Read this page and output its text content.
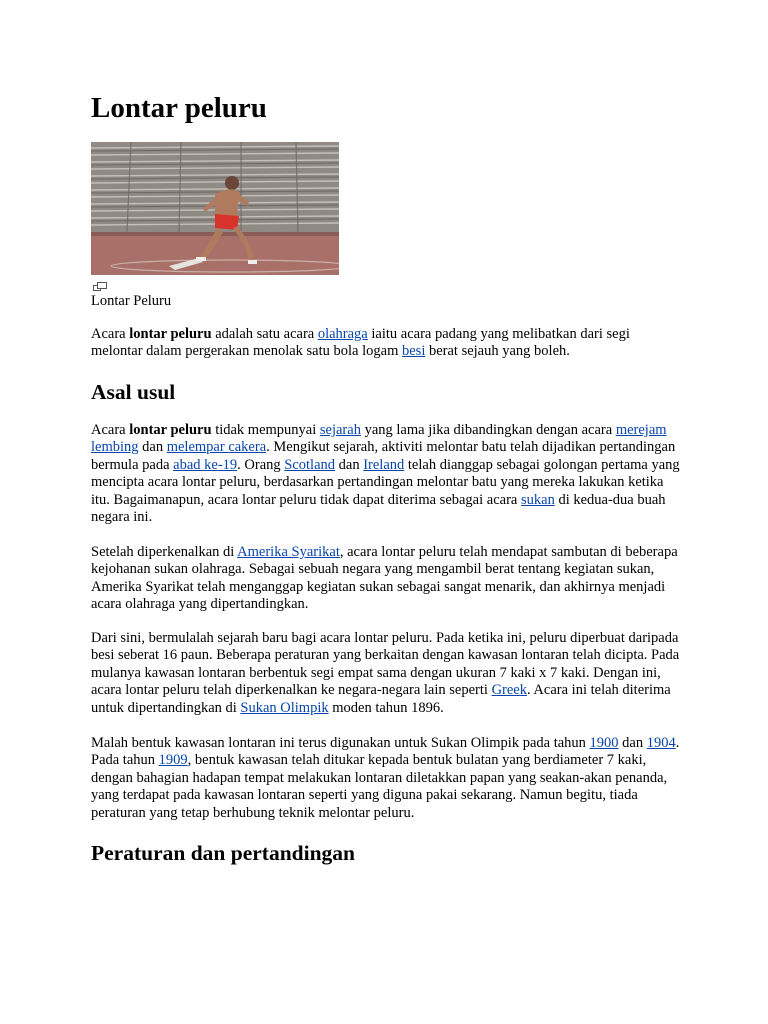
Lontar peluru
Lontar Peluru

Acara lontar peluru adalah satu acara olahraga iaitu acara padang yang melibatkan dari segi melontar dalam pergerakan menolak satu bola logam besi berat sejauh yang boleh.

Asal usul

Acara lontar peluru tidak mempunyai sejarah yang lama jika dibandingkan dengan acara merejam lembing dan melempar cakera. Mengikut sejarah, aktiviti melontar batu telah dijadikan pertandingan bermula pada abad ke-19. Orang Scotland dan Ireland telah dianggap sebagai golongan pertama yang mencipta acara lontar peluru, berdasarkan pertandingan melontar batu yang mereka lakukan ketika itu. Bagaimanapun, acara lontar peluru tidak dapat diterima sebagai acara sukan di kedua-dua buah negara ini.

Setelah diperkenalkan di Amerika Syarikat, acara lontar peluru telah mendapat sambutan di beberapa kejohanan sukan olahraga. Sebagai sebuah negara yang mengambil berat tentang kegiatan sukan, Amerika Syarikat telah menganggap kegiatan sukan sebagai sangat menarik, dan akhirnya menjadi acara olahraga yang dipertandingkan.

Dari sini, bermulalah sejarah baru bagi acara lontar peluru. Pada ketika ini, peluru diperbuat daripada besi seberat 16 paun. Beberapa peraturan yang berkaitan dengan kawasan lontaran telah dicipta. Pada mulanya kawasan lontaran berbentuk segi empat sama dengan ukuran 7 kaki x 7 kaki. Dengan ini, acara lontar peluru telah diperkenalkan ke negara-negara lain seperti Greek. Acara ini telah diterima untuk dipertandingkan di Sukan Olimpik moden tahun 1896.

Malah bentuk kawasan lontaran ini terus digunakan untuk Sukan Olimpik pada tahun 1900 dan 1904. Pada tahun 1909, bentuk kawasan telah ditukar kepada bentuk bulatan yang berdiameter 7 kaki, dengan bahagian hadapan tempat melakukan lontaran diletakkan papan yang seakan-akan penanda, yang terdapat pada kawasan lontaran seperti yang diguna pakai sekarang. Namun begitu, tiada peraturan yang tetap berhubung teknik melontar peluru.

Peraturan dan pertandingan
